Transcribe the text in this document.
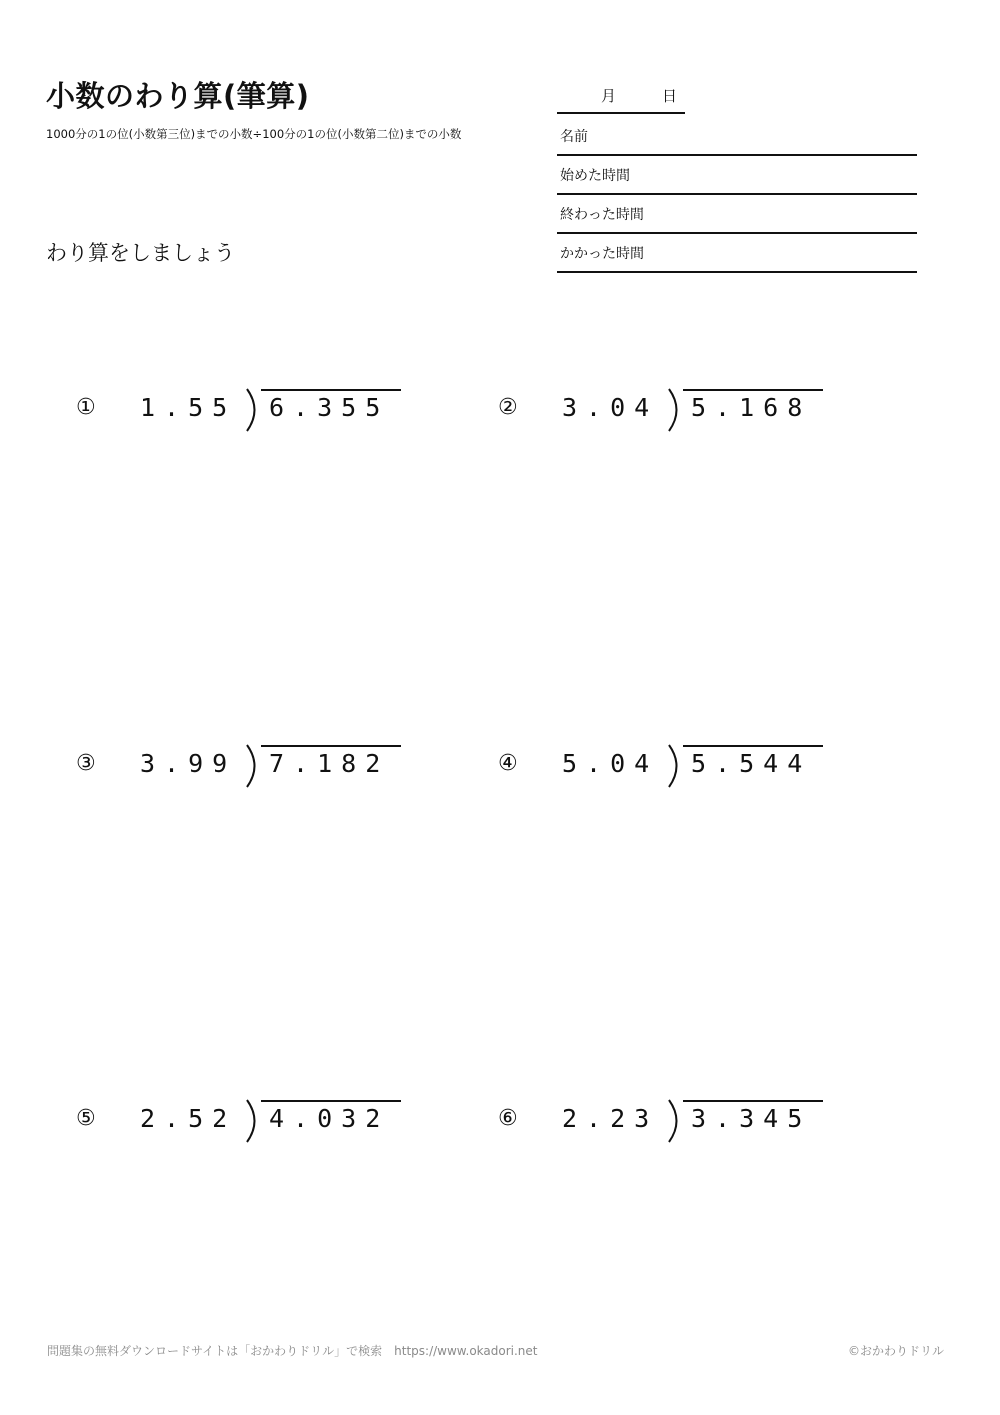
小数のわり算(筆算)
1000分の1の位(小数第三位)までの小数÷100分の1の位(小数第二位)までの小数
わり算をしましょう
月	日
名前
始めた時間
終わった時間
かかった時間
① 1.55 6.355	② 3.04 5.168
③ 3.99 7.182	④ 5.04 5.544
⑤ 2.52 4.032	⑥ 2.23 3.345
問題集の無料ダウンロードサイトは「おかわりドリル」で検索　https://www.okadori.net	©おかわりドリル
